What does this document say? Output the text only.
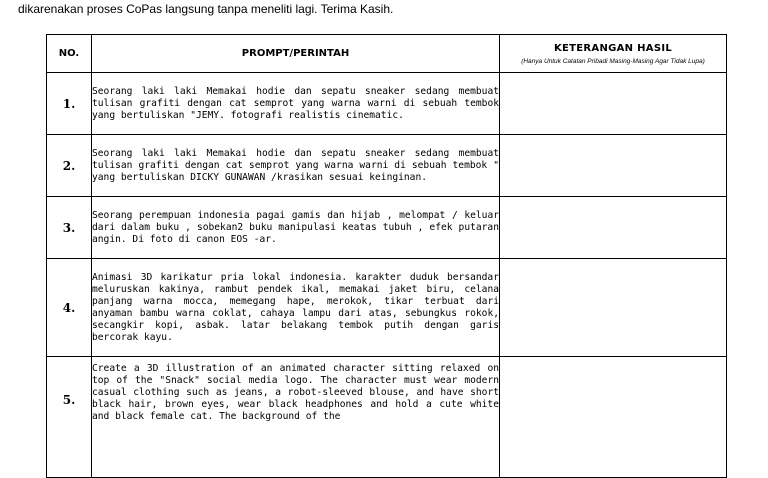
dikarenakan proses CoPas langsung tanpa meneliti lagi. Terima Kasih.
NO.	PROMPT/PERINTAH	KETERANGAN HASIL
(Hanya Untuk Catatan Pribadi Masing-Masing Agar Tidak Lupa)

1.	Seorang laki laki Memakai hodie dan sepatu sneaker sedang membuat tulisan grafiti dengan cat semprot yang warna warni di sebuah tembok yang bertuliskan "JEMY. fotografi realistis cinematic.	

2.	Seorang laki laki Memakai hodie dan sepatu sneaker sedang membuat tulisan grafiti dengan cat semprot yang warna warni di sebuah tembok " yang bertuliskan DICKY GUNAWAN /krasikan sesuai keinginan.	

3.	Seorang perempuan indonesia pagai gamis dan hijab , melompat / keluar dari dalam buku , sobekan2 buku manipulasi keatas tubuh , efek putaran angin. Di foto di canon EOS -ar.	

4.	Animasi 3D karikatur pria lokal indonesia. karakter duduk bersandar meluruskan kakinya, rambut pendek ikal, memakai jaket biru, celana panjang warna mocca, memegang hape, merokok, tikar terbuat dari anyaman bambu warna coklat, cahaya lampu dari atas, sebungkus rokok, secangkir kopi, asbak. latar belakang tembok putih dengan garis bercorak kayu.	

5.	Create a 3D illustration of an animated character sitting relaxed on top of the "Snack" social media logo. The character must wear modern casual clothing such as jeans, a robot-sleeved blouse, and have short black hair, brown eyes, wear black headphones and hold a cute white and black female cat. The background of the	
